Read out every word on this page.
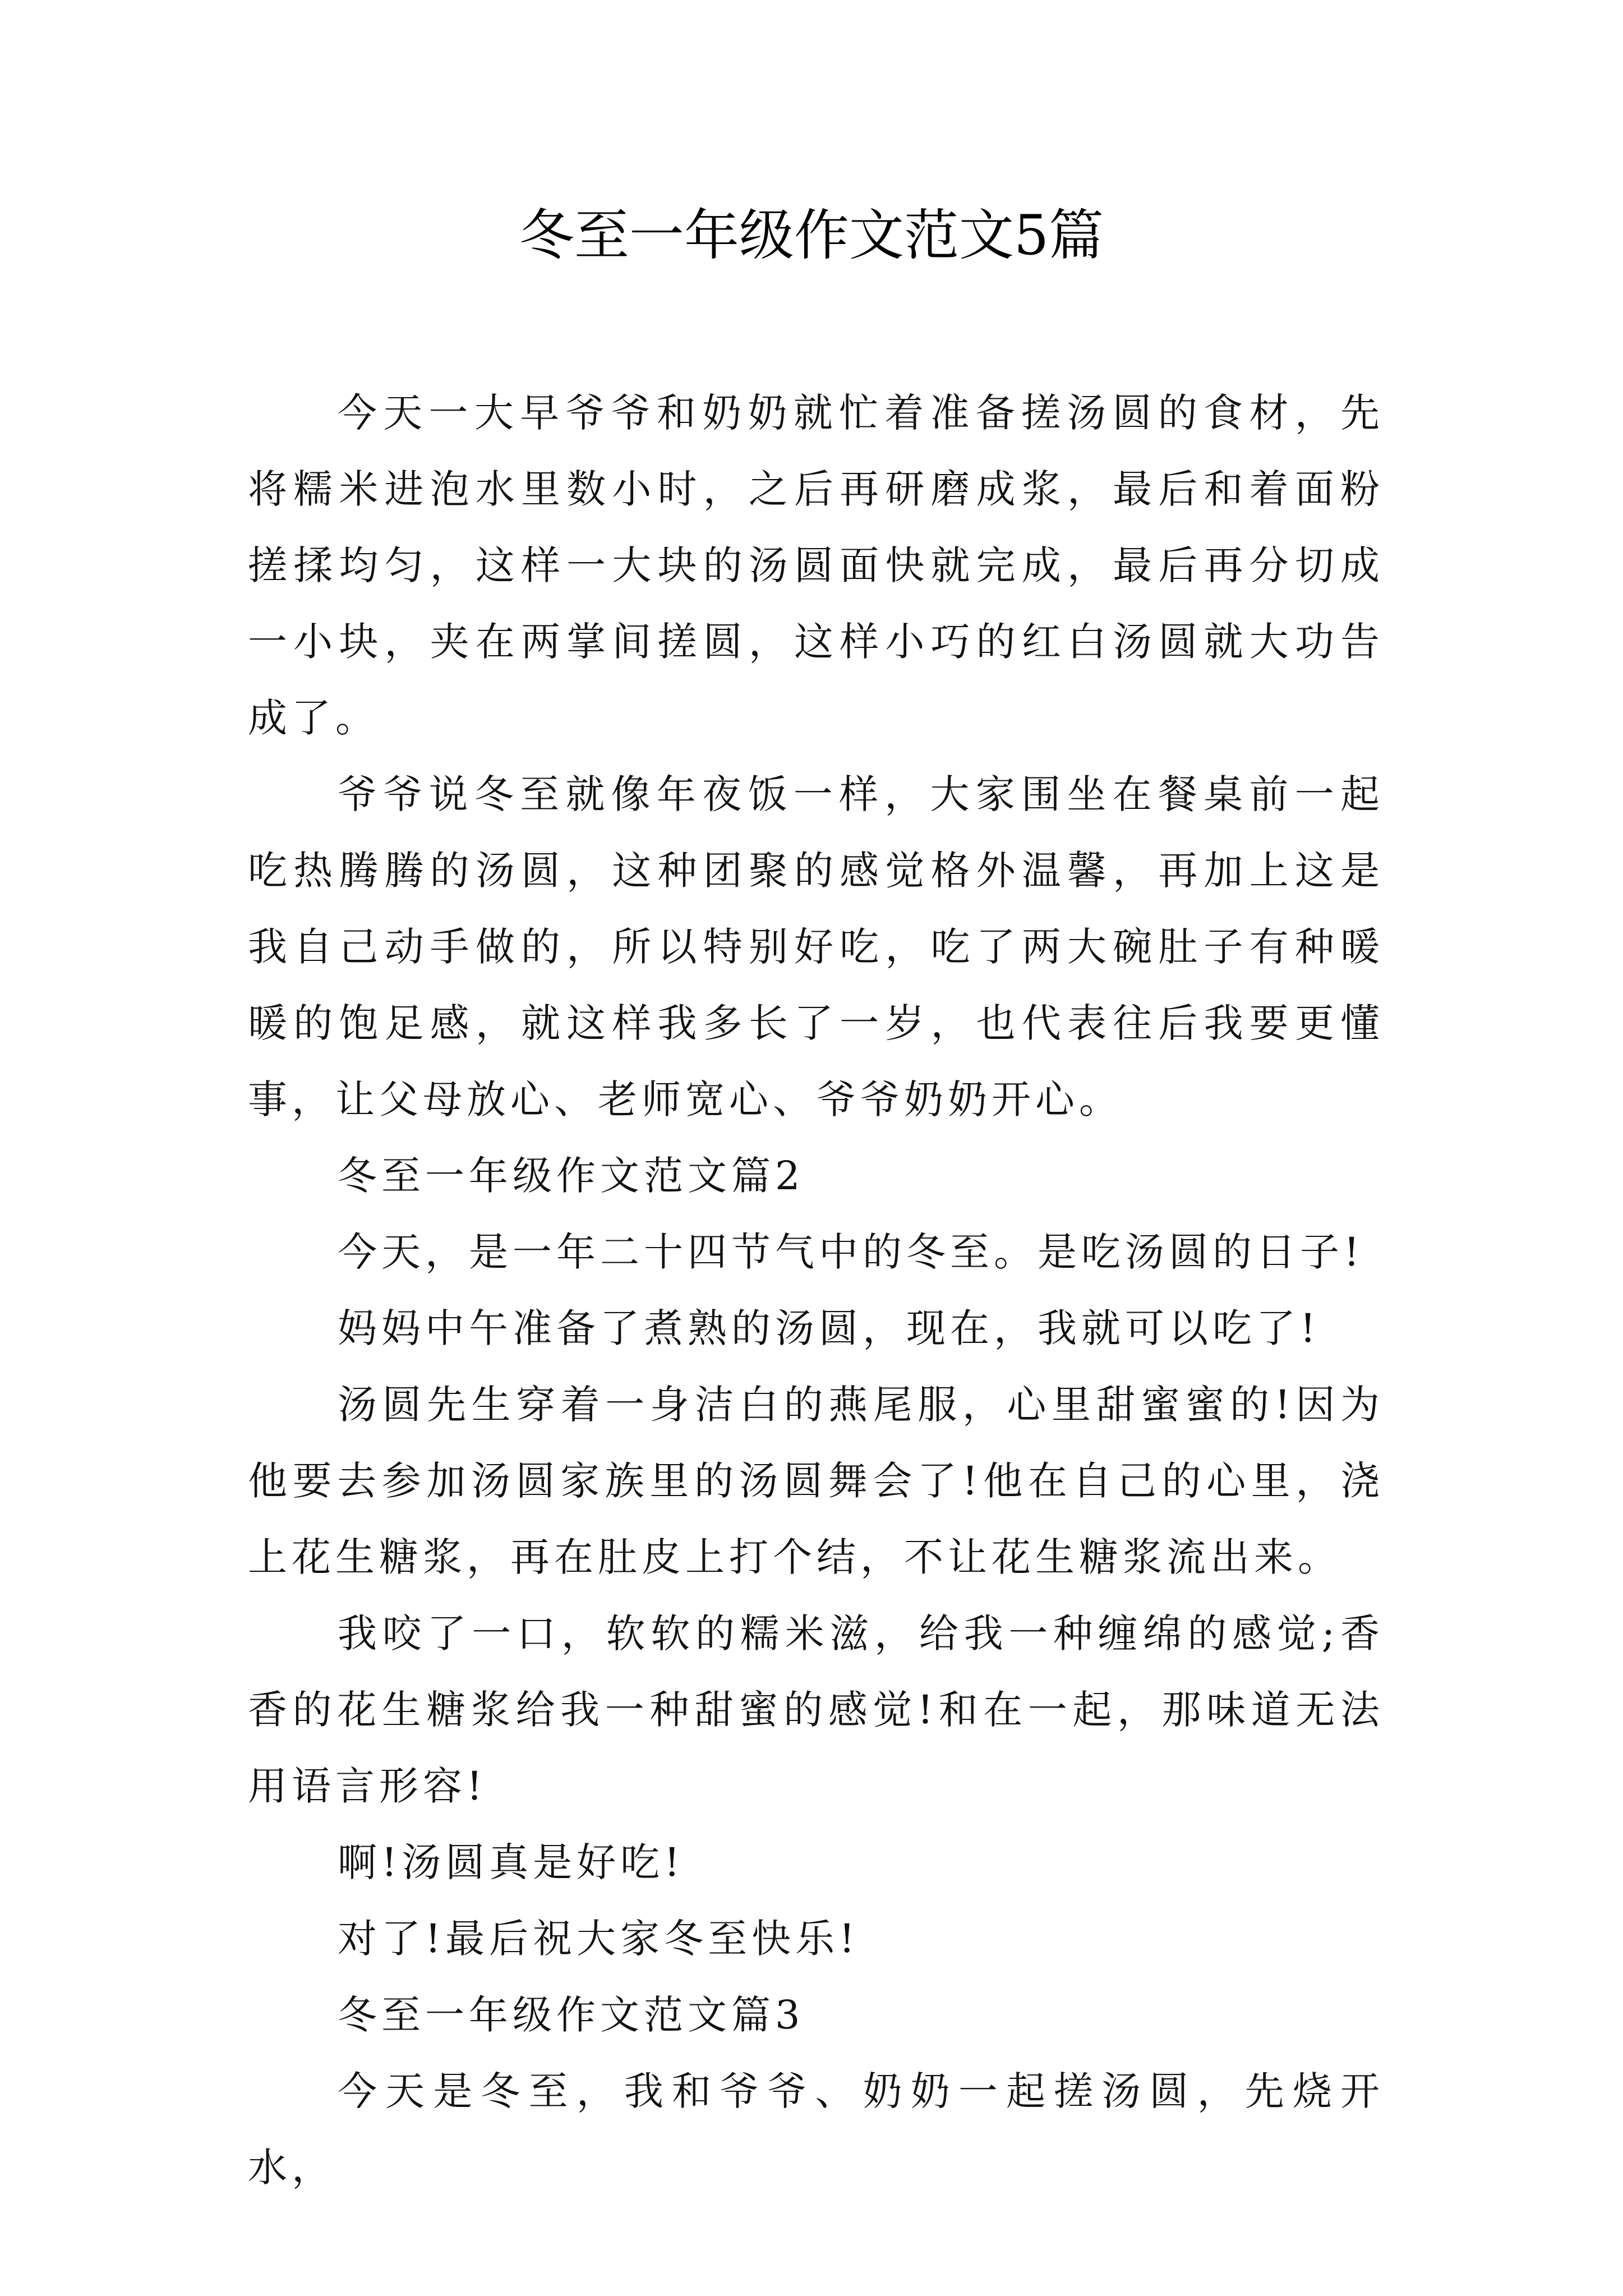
冬至一年级作文范文5篇

今天一大早爷爷和奶奶就忙着准备搓汤圆的食材，先将糯米进泡水里数小时，之后再研磨成浆，最后和着面粉搓揉均匀，这样一大块的汤圆面快就完成，最后再分切成一小块，夹在两掌间搓圆，这样小巧的红白汤圆就大功告成了。

爷爷说冬至就像年夜饭一样，大家围坐在餐桌前一起吃热腾腾的汤圆，这种团聚的感觉格外温馨，再加上这是我自己动手做的，所以特别好吃，吃了两大碗肚子有种暖暖的饱足感，就这样我多长了一岁，也代表往后我要更懂事，让父母放心、老师宽心、爷爷奶奶开心。

冬至一年级作文范文篇2

今天，是一年二十四节气中的冬至。是吃汤圆的日子!

妈妈中午准备了煮熟的汤圆，现在，我就可以吃了!

汤圆先生穿着一身洁白的燕尾服，心里甜蜜蜜的!因为他要去参加汤圆家族里的汤圆舞会了!他在自己的心里，浇上花生糖浆，再在肚皮上打个结，不让花生糖浆流出来。

我咬了一口，软软的糯米滋，给我一种缠绵的感觉;香香的花生糖浆给我一种甜蜜的感觉!和在一起，那味道无法用语言形容!

啊!汤圆真是好吃!

对了!最后祝大家冬至快乐!

冬至一年级作文范文篇3

今天是冬至，我和爷爷、奶奶一起搓汤圆，先烧开水，
